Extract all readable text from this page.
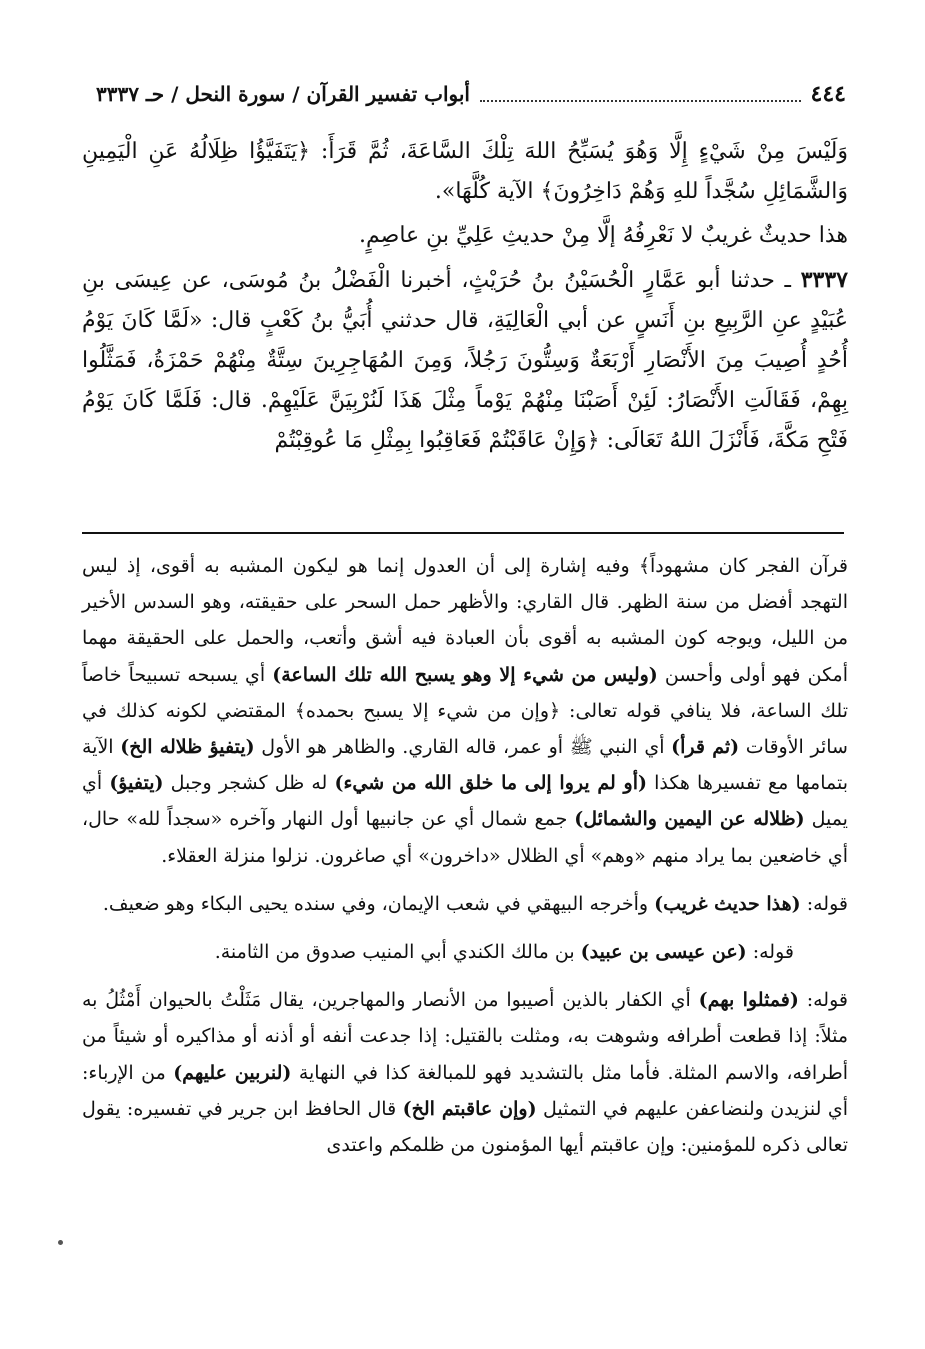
٤٤٤
أبواب تفسير القرآن / سورة النحل / حـ ٣٣٣٧

وَلَيْسَ مِنْ شَيْءٍ إِلَّا وَهُوَ يُسَبِّحُ اللهَ تِلْكَ السَّاعَةَ، ثُمَّ قَرَأَ: ﴿يَتَفَيَّؤُا ظِلَالُهُ عَنِ الْيَمِينِ وَالشَّمَائِلِ سُجَّداً للهِ وَهُمْ دَاخِرُونَ﴾ الآية كُلَّهَا».

هذا حديثٌ غريبٌ لا نَعْرِفُهُ إلَّا مِنْ حديثِ عَلِيِّ بنِ عاصِمٍ.

٣٣٣٧ ـ حدثنا أبو عَمَّارٍ الْحُسَيْنُ بنُ حُرَيْثٍ، أخبرنا الْفَضْلُ بنُ مُوسَى، عن عِيسَى بنِ عُبَيْدٍ عنِ الرَّبِيعِ بنِ أَنَسٍ عن أبي الْعَالِيَةِ، قال حدثني أُبَيُّ بنُ كَعْبٍ قال: «لَمَّا كَانَ يَوْمُ أُحُدٍ أُصِيبَ مِنَ الأَنْصَارِ أَرْبَعَةٌ وَسِتُّونَ رَجُلاً، وَمِنَ المُهَاجِرِينَ سِتَّةٌ مِنْهُمْ حَمْزَةُ، فَمَثَّلُوا بِهِمْ، فَقَالَتِ الأَنْصَارُ: لَئِنْ أَصَبْنَا مِنْهُمْ يَوْماً مِثْلَ هَذَا لَنُرْبِيَنَّ عَلَيْهِمْ. قال: فَلَمَّا كَانَ يَوْمُ فَتْحِ مَكَّةَ، فَأَنْزَلَ اللهُ تَعَالَى: ﴿وَإِنْ عَاقَبْتُمْ فَعَاقِبُوا بِمِثْلِ مَا عُوقِبْتُمْ

قرآن الفجر كان مشهوداً﴾ وفيه إشارة إلى أن العدول إنما هو ليكون المشبه به أقوى، إذ ليس التهجد أفضل من سنة الظهر. قال القاري: والأظهر حمل السحر على حقيقته، وهو السدس الأخير من الليل، ويوجه كون المشبه به أقوى بأن العبادة فيه أشق وأتعب، والحمل على الحقيقة مهما أمكن فهو أولى وأحسن (وليس من شيء إلا وهو يسبح الله تلك الساعة) أي يسبحه تسبيحاً خاصاً تلك الساعة، فلا ينافي قوله تعالى: ﴿وإن من شيء إلا يسبح بحمده﴾ المقتضي لكونه كذلك في سائر الأوقات (ثم قرأ) أي النبي ﷺ أو عمر، قاله القاري. والظاهر هو الأول (يتفيؤ ظلاله الخ) الآية بتمامها مع تفسيرها هكذا (أو لم يروا إلى ما خلق الله من شيء) له ظل كشجر وجبل (يتفيؤ) أي يميل (ظلاله عن اليمين والشمائل) جمع شمال أي عن جانبيها أول النهار وآخره «سجداً لله» حال، أي خاضعين بما يراد منهم «وهم» أي الظلال «داخرون» أي صاغرون. نزلوا منزلة العقلاء.

قوله: (هذا حديث غريب) وأخرجه البيهقي في شعب الإيمان، وفي سنده يحيى البكاء وهو ضعيف.

قوله: (عن عيسى بن عبيد) بن مالك الكندي أبي المنيب صدوق من الثامنة.

قوله: (فمثلوا بهم) أي الكفار بالذين أصيبوا من الأنصار والمهاجرين، يقال مَثَلْتُ بالحيوان أَمْثُلُ به مثلاً: إذا قطعت أطرافه وشوهت به، ومثلت بالقتيل: إذا جدعت أنفه أو أذنه أو مذاكيره أو شيئاً من أطرافه، والاسم المثلة. فأما مثل بالتشديد فهو للمبالغة كذا في النهاية (لنربين عليهم) من الإرباء: أي لنزيدن ولنضاعفن عليهم في التمثيل (وإن عاقبتم الخ) قال الحافظ ابن جرير في تفسيره: يقول تعالى ذكره للمؤمنين: وإن عاقبتم أيها المؤمنون من ظلمكم واعتدى
